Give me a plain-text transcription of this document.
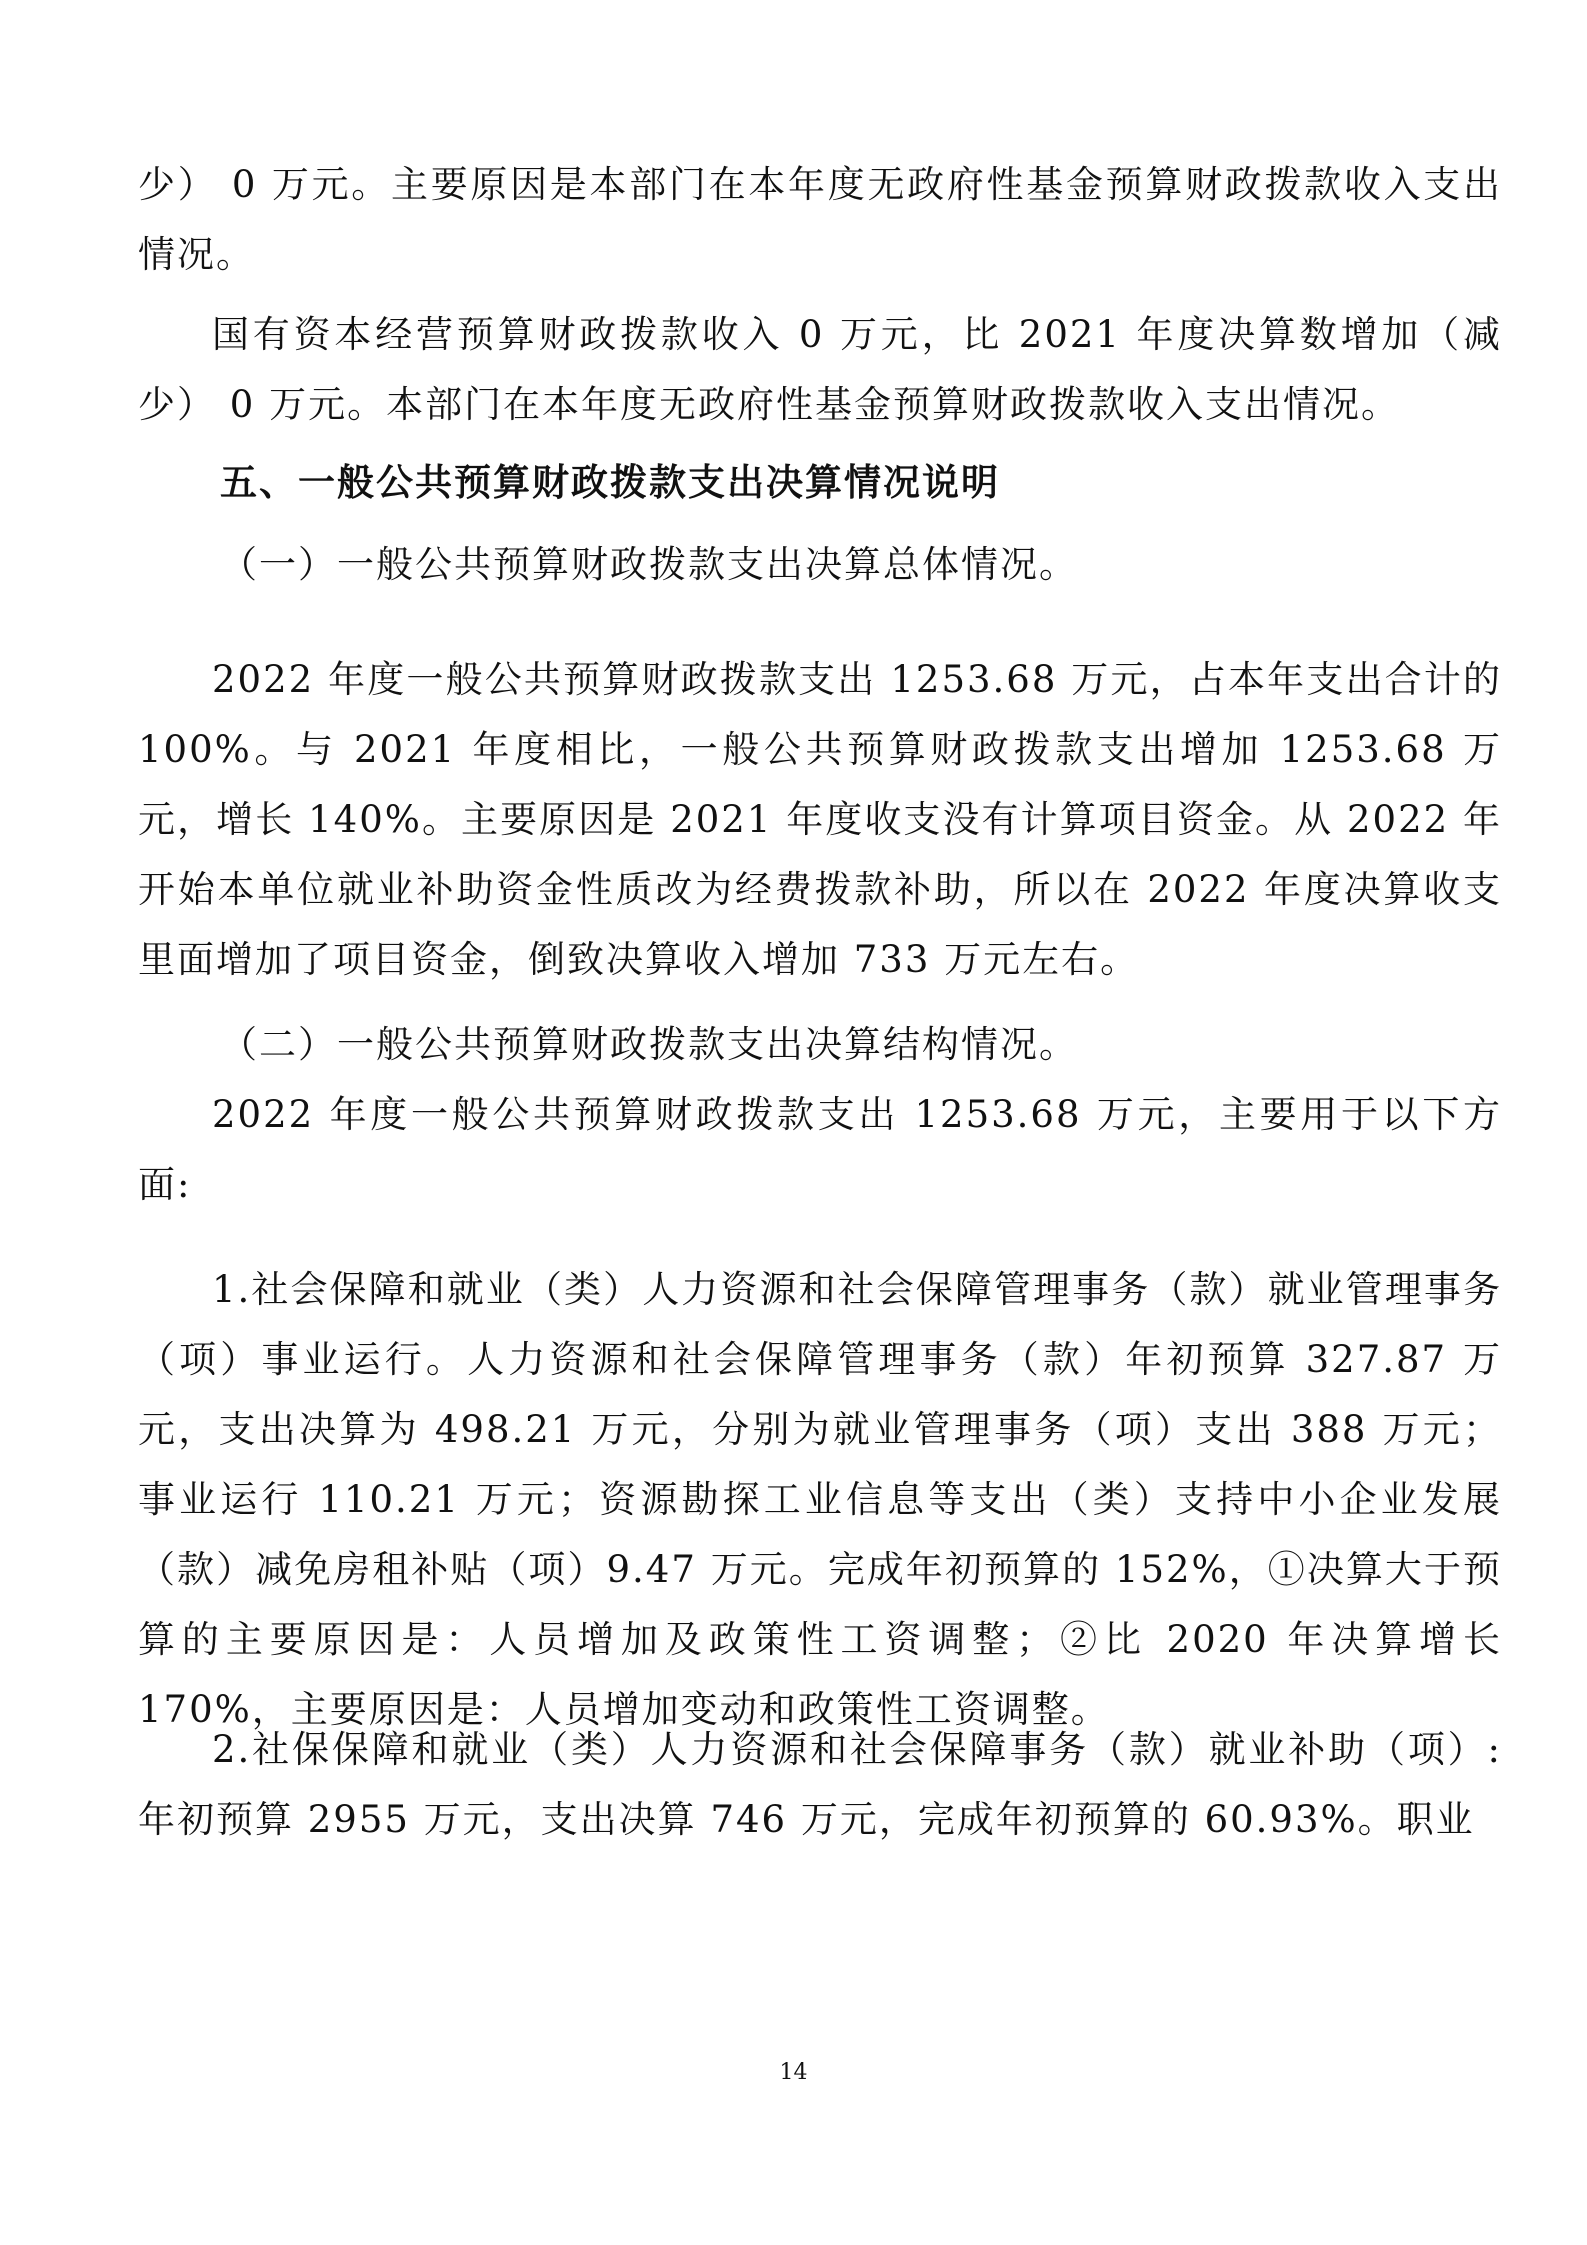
少） 0 万元。主要原因是本部门在本年度无政府性基金预算财政拨款收入支出情况。

国有资本经营预算财政拨款收入 0 万元，比 2021 年度决算数增加（减少） 0 万元。本部门在本年度无政府性基金预算财政拨款收入支出情况。

五、一般公共预算财政拨款支出决算情况说明

（一）一般公共预算财政拨款支出决算总体情况。

2022 年度一般公共预算财政拨款支出 1253.68 万元，占本年支出合计的 100%。与 2021 年度相比，一般公共预算财政拨款支出增加 1253.68 万元，增长 140%。主要原因是 2021 年度收支没有计算项目资金。从 2022 年开始本单位就业补助资金性质改为经费拨款补助，所以在 2022 年度决算收支里面增加了项目资金，倒致决算收入增加 733 万元左右。

（二）一般公共预算财政拨款支出决算结构情况。

2022 年度一般公共预算财政拨款支出 1253.68 万元，主要用于以下方面:

1.社会保障和就业（类）人力资源和社会保障管理事务（款）就业管理事务（项）事业运行。人力资源和社会保障管理事务（款）年初预算 327.87 万元，支出决算为 498.21 万元，分别为就业管理事务（项）支出 388 万元；事业运行 110.21 万元；资源勘探工业信息等支出（类）支持中小企业发展（款）减免房租补贴（项）9.47 万元。完成年初预算的 152%，①决算大于预算的主要原因是：人员增加及政策性工资调整；②比 2020 年决算增长 170%，主要原因是：人员增加变动和政策性工资调整。

2.社保保障和就业（类）人力资源和社会保障事务（款）就业补助（项）:年初预算 2955 万元，支出决算 746 万元，完成年初预算的 60.93%。职业

14
